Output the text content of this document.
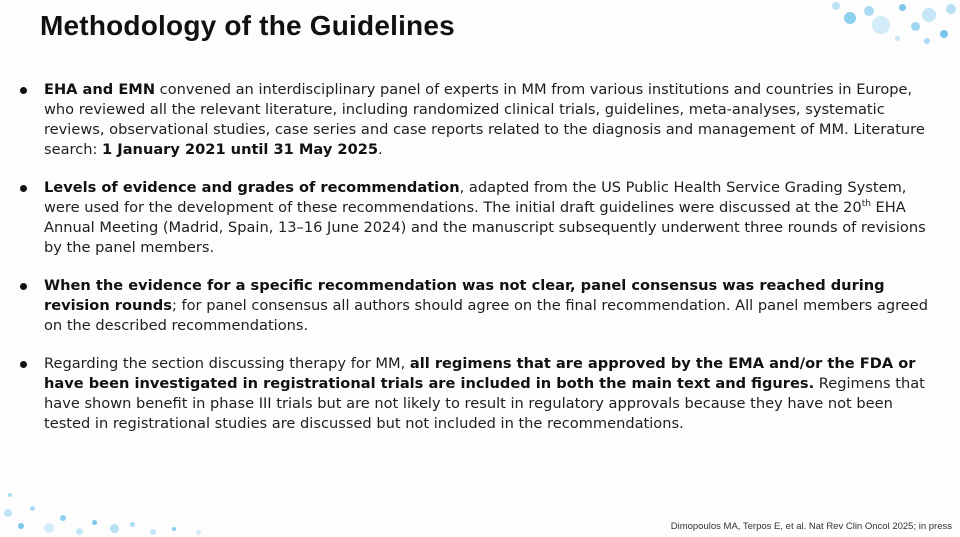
Methodology of the Guidelines
EHA and EMN convened an interdisciplinary panel of experts in MM from various institutions and countries in Europe, who reviewed all the relevant literature, including randomized clinical trials, guidelines, meta-analyses, systematic reviews, observational studies, case series and case reports related to the diagnosis and management of MM. Literature search: 1 January 2021 until 31 May 2025.
Levels of evidence and grades of recommendation, adapted from the US Public Health Service Grading System, were used for the development of these recommendations. The initial draft guidelines were discussed at the 20th EHA Annual Meeting (Madrid, Spain, 13–16 June 2024) and the manuscript subsequently underwent three rounds of revisions by the panel members.
When the evidence for a specific recommendation was not clear, panel consensus was reached during revision rounds; for panel consensus all authors should agree on the final recommendation. All panel members agreed on the described recommendations.
Regarding the section discussing therapy for MM, all regimens that are approved by the EMA and/or the FDA or have been investigated in registrational trials are included in both the main text and figures. Regimens that have shown benefit in phase III trials but are not likely to result in regulatory approvals because they have not been tested in registrational studies are discussed but not included in the recommendations.
Dimopoulos MA, Terpos E, et al. Nat Rev Clin Oncol 2025; in press
